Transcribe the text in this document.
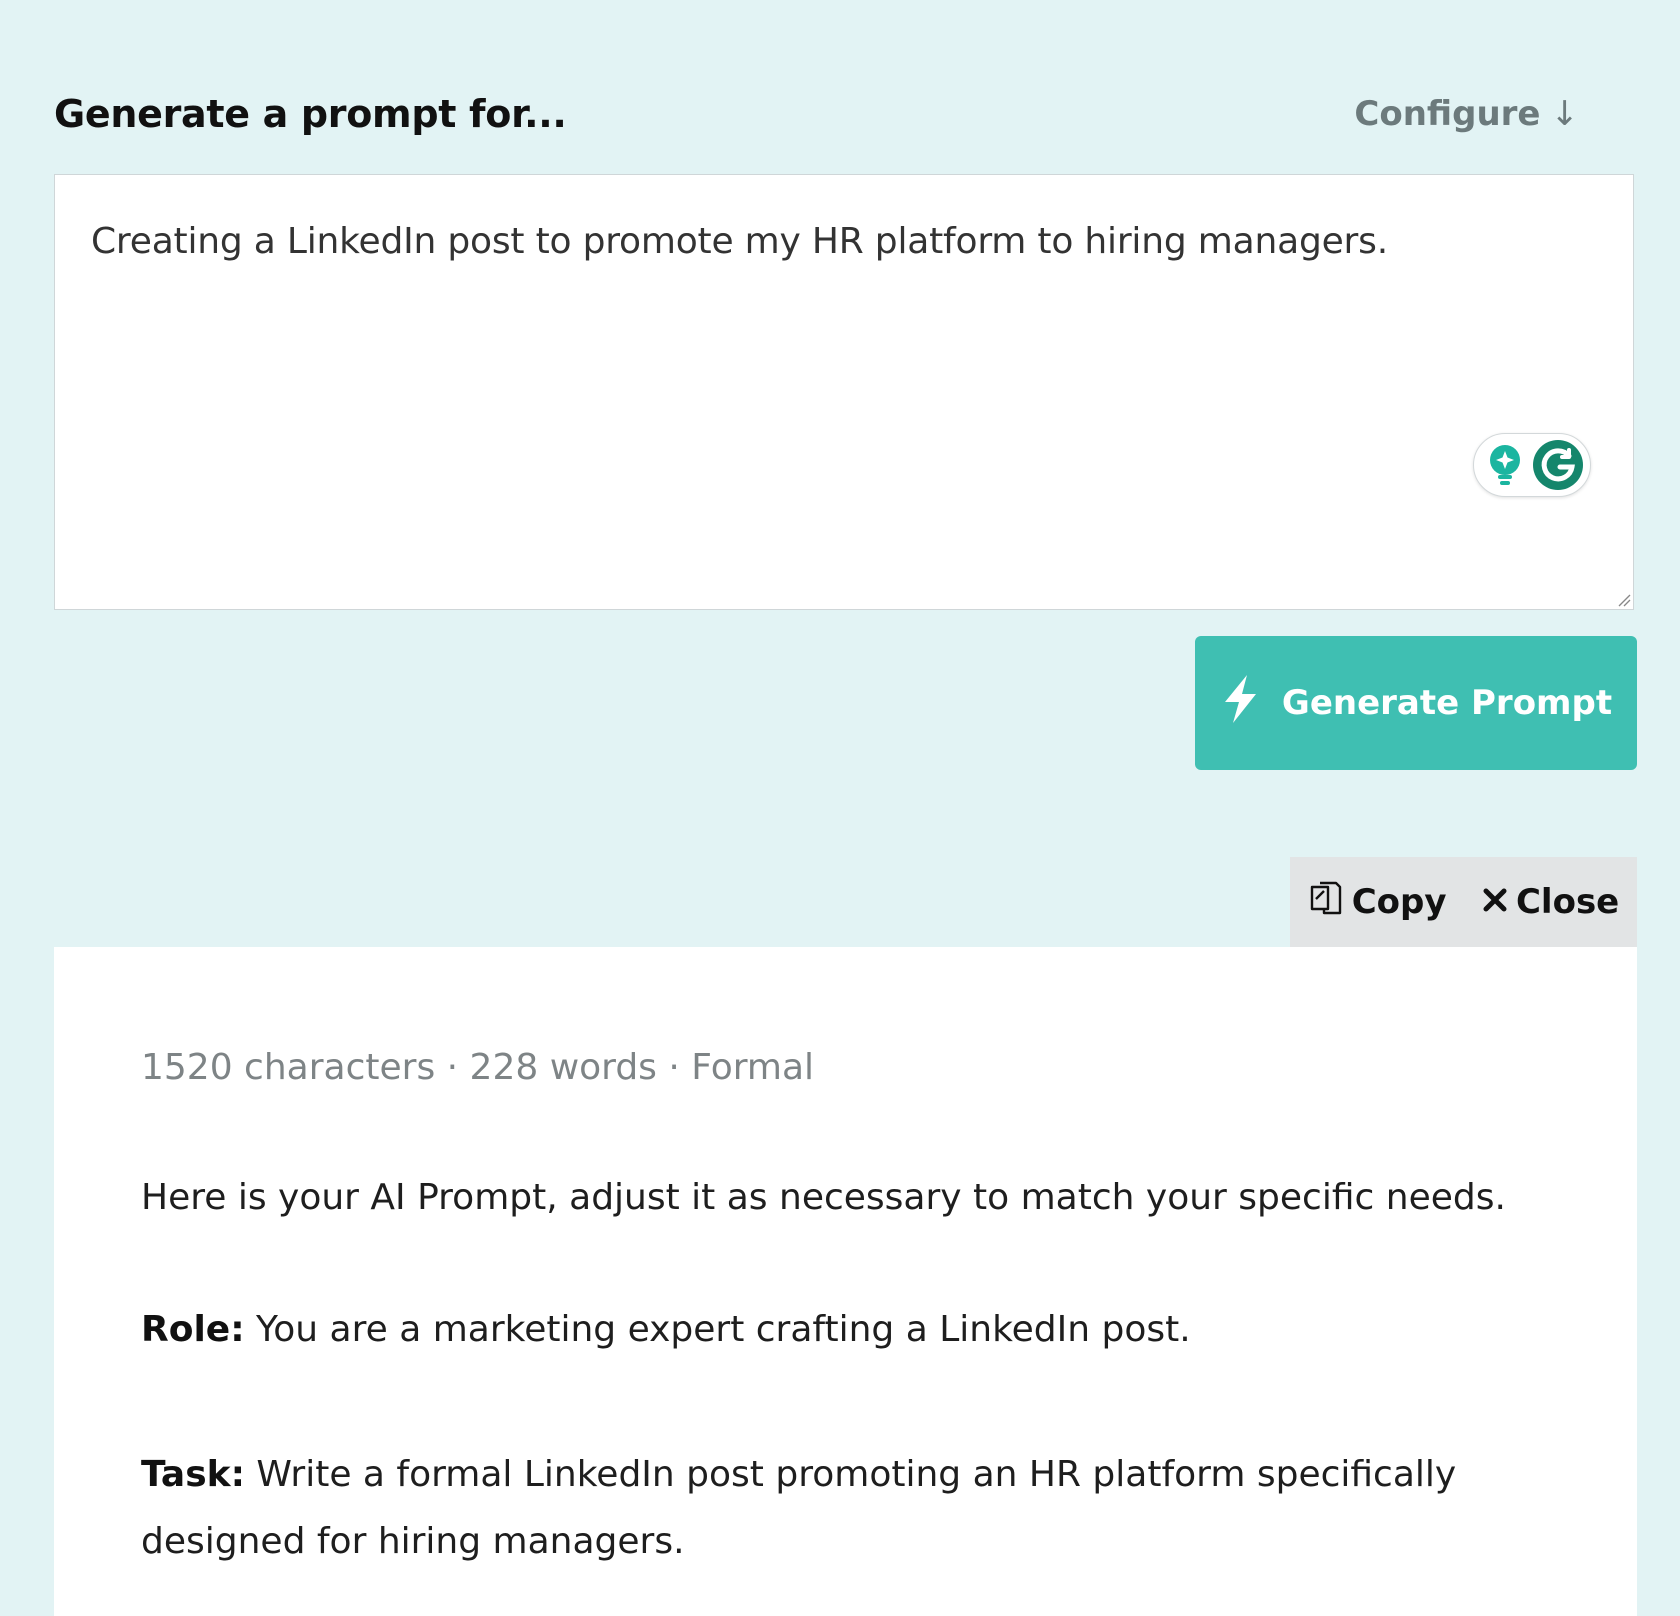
Generate a prompt for...	Configure ↓
Creating a LinkedIn post to promote my HR platform to hiring managers.
Generate Prompt
Copy Close
1520 characters · 228 words · Formal
Here is your AI Prompt, adjust it as necessary to match your specific needs.
Role: You are a marketing expert crafting a LinkedIn post.
Task: Write a formal LinkedIn post promoting an HR platform specifically designed for hiring managers.
